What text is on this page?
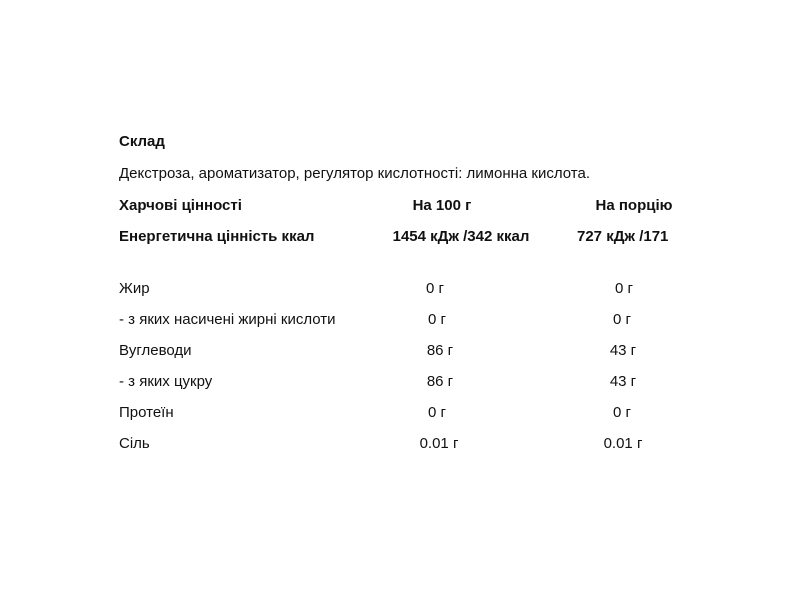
Склад
Декстроза, ароматизатор, регулятор кислотності: лимонна кислота.
Харчові цінності	На 100 г	На порцію
Енергетична цінність ккал	1454 кДж /342 ккал	727 кДж /171
Жир	0 г	0 г
- з яких насичені жирні кислоти	0 г	0 г
Вуглеводи	86 г	43 г
- з яких цукру	86 г	43 г
Протеїн	0 г	0 г
Сіль	0.01 г	0.01 г
